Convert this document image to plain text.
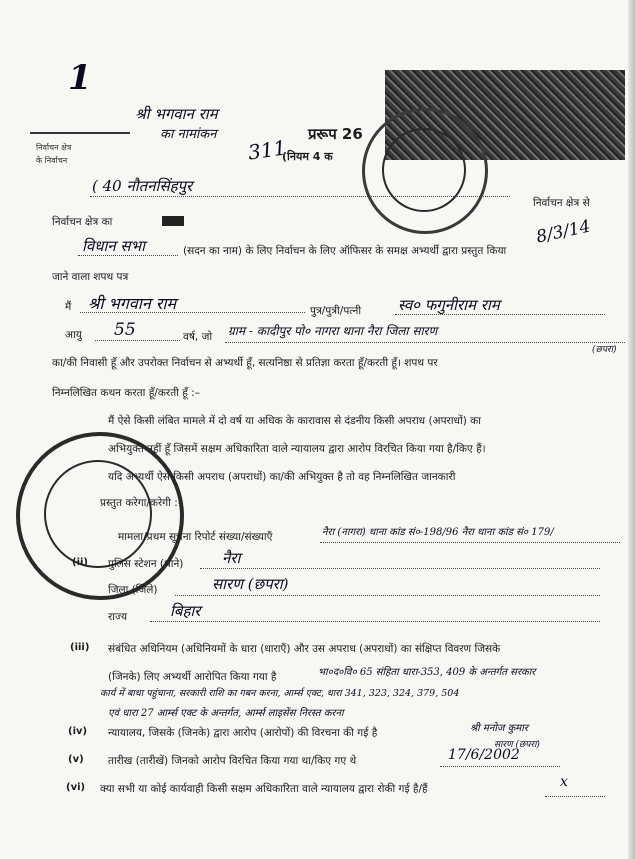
1
निर्वाचन क्षेत्र
के निर्वाचन
श्री भगवान राम
का नामांकन
311
प्ररूप 26
(नियम 4 क
( 40 नौतनसिंहपुर
निर्वाचन क्षेत्र से
निर्वाचन क्षेत्र का	8/3/14
विधान सभा	(सदन का नाम) के लिए निर्वाचन के लिए ऑफिसर के समक्ष अभ्यर्थी द्वारा प्रस्तुत किया
जाने वाला शपथ पत्र
मैं श्री भगवान राम	पुत्र/पुत्री/पत्नी स्व० फगुनीराम राम
आयु 55	वर्ष, जो ग्राम - कादीपुर पो० नागरा थाना नैरा जिला सारण
(छपरा)
का/की निवासी हूँ और उपरोक्त निर्वाचन से अभ्यर्थी हूँ, सत्यनिष्ठा से प्रतिज्ञा करता हूँ/करती हूँ। शपथ पर
निम्नलिखित कथन करता हूँ/करती हूँ :–
मैं ऐसे किसी लंबित मामले में दो वर्ष या अधिक के कारावास से दंडनीय किसी अपराध (अपराधों) का
अभियुक्त नहीं हूँ जिसमें सक्षम अधिकारिता वाले न्यायालय द्वारा आरोप विरचित किया गया है/किए हैं।
यदि अभ्यर्थी ऐसे किसी अपराध (अपराधों) का/की अभियुक्त है तो वह निम्नलिखित जानकारी
प्रस्तुत करेगा/करेगी :–
मामला/प्रथम सूचना रिपोर्ट संख्या/संख्याएँ	नैरा (नागरा) थाना कांड सं०-198/96 नैरा थाना कांड सं० 179/
(ii) पुलिस स्टेशन (थाने)	नैरा
जिला (जिले)	सारण (छपरा)
राज्य	बिहार
(iii) संबंधित अधिनियम (अधिनियमों के धारा (धाराएँ) और उस अपराध (अपराधों) का संक्षिप्त विवरण जिसके
(जिनके) लिए अभ्यर्थी आरोपित किया गया है	भा०द०वि० 65 संहिता धारा-353, 409 के अन्तर्गत सरकार
कार्य में बाधा पहुंचाना, सरकारी राशि का गबन करना, आर्म्स एक्ट, धारा 341, 323, 324, 379, 504
एवं धारा 27 आर्म्स एक्ट के अन्तर्गत, आर्म्स लाइसेंस निरस्त करना
(iv) न्यायालय, जिसके (जिनके) द्वारा आरोप (आरोपों) की विरचना की गई है	श्री मनोज कुमार
सारण (छपरा)
(v) तारीख (तारीखें) जिनको आरोप विरचित किया गया था/किए गए थे	17/6/2002
(vi) क्या सभी या कोई कार्यवाही किसी सक्षम अधिकारिता वाले न्यायालय द्वारा रोकी गई है/हैं	x
